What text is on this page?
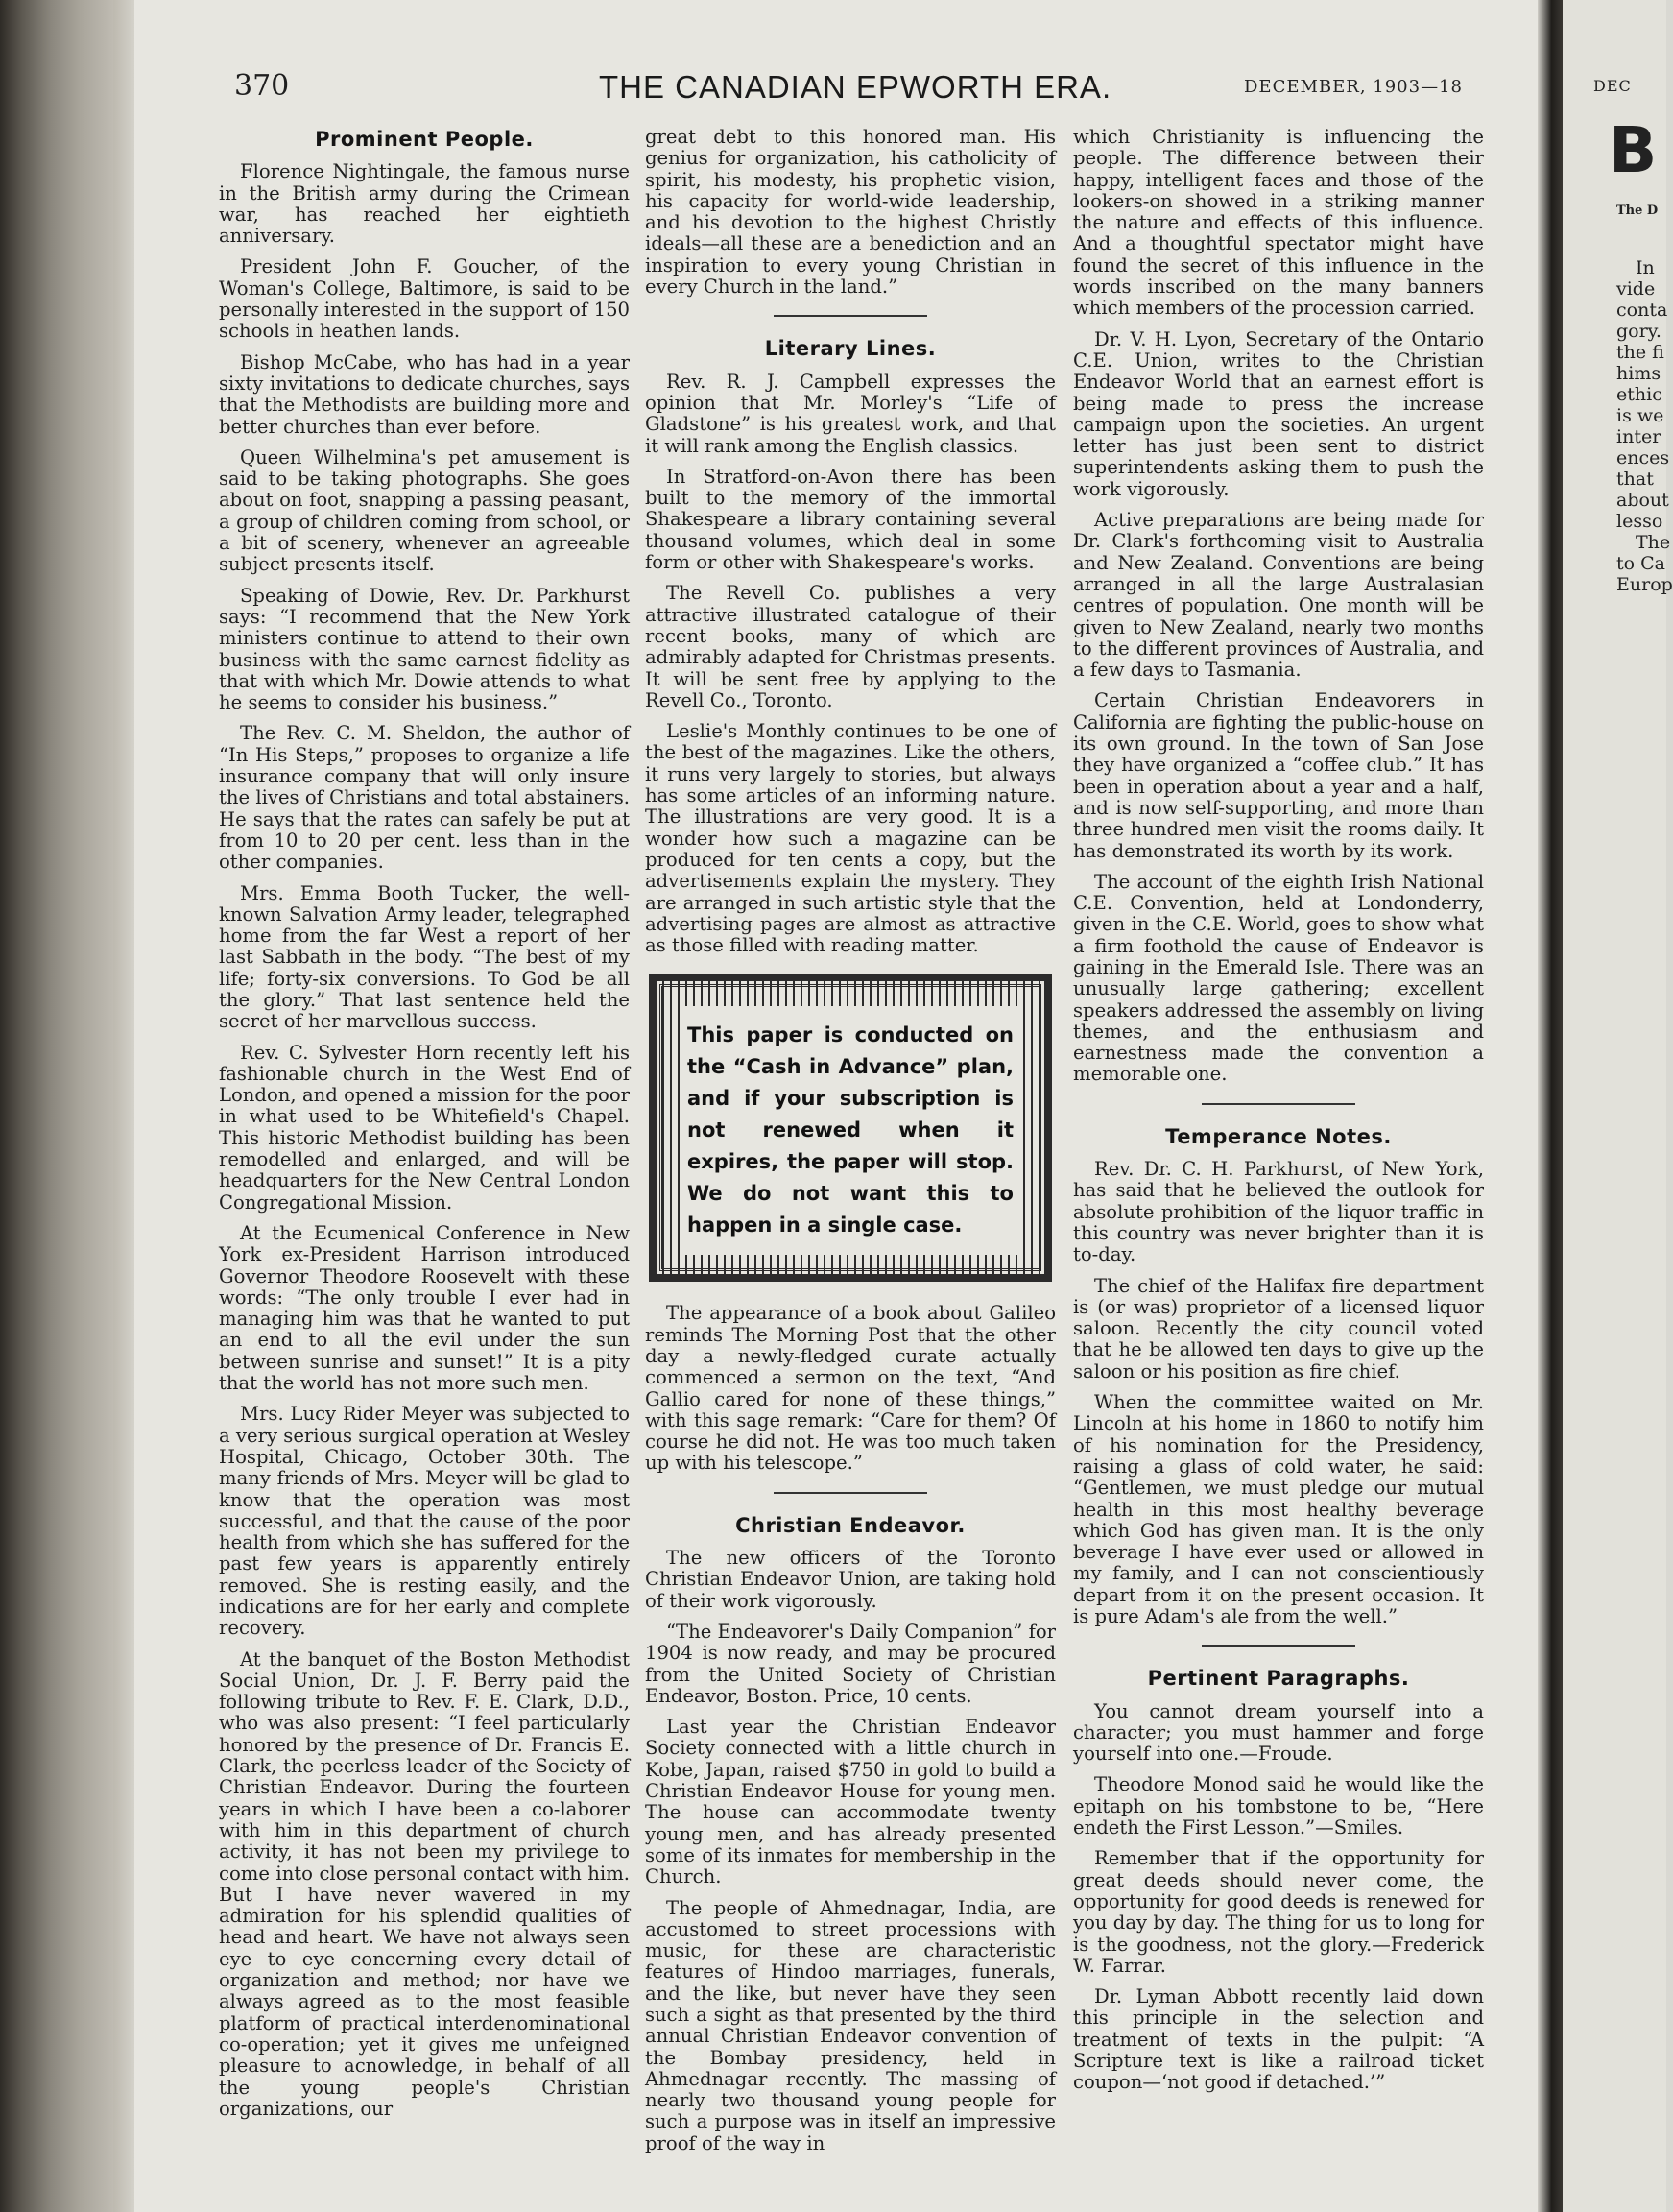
370	THE CANADIAN EPWORTH ERA.	DECEMBER, 1903—18
Prominent People.

Florence Nightingale, the famous nurse in the British army during the Crimean war, has reached her eightieth anniversary.

President John F. Goucher, of the Woman's College, Baltimore, is said to be personally interested in the support of 150 schools in heathen lands.

Bishop McCabe, who has had in a year sixty invitations to dedicate churches, says that the Methodists are building more and better churches than ever before.

Queen Wilhelmina's pet amusement is said to be taking photographs. She goes about on foot, snapping a passing peasant, a group of children coming from school, or a bit of scenery, whenever an agreeable subject presents itself.

Speaking of Dowie, Rev. Dr. Parkhurst says: “I recommend that the New York ministers continue to attend to their own business with the same earnest fidelity as that with which Mr. Dowie attends to what he seems to consider his business.”

The Rev. C. M. Sheldon, the author of “In His Steps,” proposes to organize a life insurance company that will only insure the lives of Christians and total abstainers. He says that the rates can safely be put at from 10 to 20 per cent. less than in the other companies.

Mrs. Emma Booth Tucker, the well-known Salvation Army leader, telegraphed home from the far West a report of her last Sabbath in the body. “The best of my life; forty-six conversions. To God be all the glory.” That last sentence held the secret of her marvellous success.

Rev. C. Sylvester Horn recently left his fashionable church in the West End of London, and opened a mission for the poor in what used to be Whitefield's Chapel. This historic Methodist building has been remodelled and enlarged, and will be headquarters for the New Central London Congregational Mission.

At the Ecumenical Conference in New York ex-President Harrison introduced Governor Theodore Roosevelt with these words: “The only trouble I ever had in managing him was that he wanted to put an end to all the evil under the sun between sunrise and sunset!” It is a pity that the world has not more such men.

Mrs. Lucy Rider Meyer was subjected to a very serious surgical operation at Wesley Hospital, Chicago, October 30th. The many friends of Mrs. Meyer will be glad to know that the operation was most successful, and that the cause of the poor health from which she has suffered for the past few years is apparently entirely removed. She is resting easily, and the indications are for her early and complete recovery.

At the banquet of the Boston Methodist Social Union, Dr. J. F. Berry paid the following tribute to Rev. F. E. Clark, D.D., who was also present: “I feel particularly honored by the presence of Dr. Francis E. Clark, the peerless leader of the Society of Christian Endeavor. During the fourteen years in which I have been a co-laborer with him in this department of church activity, it has not been my privilege to come into close personal contact with him. But I have never wavered in my admiration for his splendid qualities of head and heart. We have not always seen eye to eye concerning every detail of organization and method; nor have we always agreed as to the most feasible platform of practical interdenominational co-operation; yet it gives me unfeigned pleasure to acnowledge, in behalf of all the young people's Christian organizations, our

great debt to this honored man. His genius for organization, his catholicity of spirit, his modesty, his prophetic vision, his capacity for world-wide leadership, and his devotion to the highest Christly ideals—all these are a benediction and an inspiration to every young Christian in every Church in the land.”

Literary Lines.

Rev. R. J. Campbell expresses the opinion that Mr. Morley's “Life of Gladstone” is his greatest work, and that it will rank among the English classics.

In Stratford-on-Avon there has been built to the memory of the immortal Shakespeare a library containing several thousand volumes, which deal in some form or other with Shakespeare's works.

The Revell Co. publishes a very attractive illustrated catalogue of their recent books, many of which are admirably adapted for Christmas presents. It will be sent free by applying to the Revell Co., Toronto.

Leslie's Monthly continues to be one of the best of the magazines. Like the others, it runs very largely to stories, but always has some articles of an informing nature. The illustrations are very good. It is a wonder how such a magazine can be produced for ten cents a copy, but the advertisements explain the mystery. They are arranged in such artistic style that the advertising pages are almost as attractive as those filled with reading matter.

This paper is conducted on the “Cash in Advance” plan, and if your subscription is not renewed when it expires, the paper will stop. We do not want this to happen in a single case.

The appearance of a book about Galileo reminds The Morning Post that the other day a newly-fledged curate actually commenced a sermon on the text, “And Gallio cared for none of these things,” with this sage remark: “Care for them? Of course he did not. He was too much taken up with his telescope.”

Christian Endeavor.

The new officers of the Toronto Christian Endeavor Union, are taking hold of their work vigorously.

“The Endeavorer's Daily Companion” for 1904 is now ready, and may be procured from the United Society of Christian Endeavor, Boston. Price, 10 cents.

Last year the Christian Endeavor Society connected with a little church in Kobe, Japan, raised $750 in gold to build a Christian Endeavor House for young men. The house can accommodate twenty young men, and has already presented some of its inmates for membership in the Church.

The people of Ahmednagar, India, are accustomed to street processions with music, for these are characteristic features of Hindoo marriages, funerals, and the like, but never have they seen such a sight as that presented by the third annual Christian Endeavor convention of the Bombay presidency, held in Ahmednagar recently. The massing of nearly two thousand young people for such a purpose was in itself an impressive proof of the way in

which Christianity is influencing the people. The difference between their happy, intelligent faces and those of the lookers-on showed in a striking manner the nature and effects of this influence. And a thoughtful spectator might have found the secret of this influence in the words inscribed on the many banners which members of the procession carried.

Dr. V. H. Lyon, Secretary of the Ontario C.E. Union, writes to the Christian Endeavor World that an earnest effort is being made to press the increase campaign upon the societies. An urgent letter has just been sent to district superintendents asking them to push the work vigorously.

Active preparations are being made for Dr. Clark's forthcoming visit to Australia and New Zealand. Conventions are being arranged in all the large Australasian centres of population. One month will be given to New Zealand, nearly two months to the different provinces of Australia, and a few days to Tasmania.

Certain Christian Endeavorers in California are fighting the public-house on its own ground. In the town of San Jose they have organized a “coffee club.” It has been in operation about a year and a half, and is now self-supporting, and more than three hundred men visit the rooms daily. It has demonstrated its worth by its work.

The account of the eighth Irish National C.E. Convention, held at Londonderry, given in the C.E. World, goes to show what a firm foothold the cause of Endeavor is gaining in the Emerald Isle. There was an unusually large gathering; excellent speakers addressed the assembly on living themes, and the enthusiasm and earnestness made the convention a memorable one.

Temperance Notes.

Rev. Dr. C. H. Parkhurst, of New York, has said that he believed the outlook for absolute prohibition of the liquor traffic in this country was never brighter than it is to-day.

The chief of the Halifax fire department is (or was) proprietor of a licensed liquor saloon. Recently the city council voted that he be allowed ten days to give up the saloon or his position as fire chief.

When the committee waited on Mr. Lincoln at his home in 1860 to notify him of his nomination for the Presidency, raising a glass of cold water, he said: “Gentlemen, we must pledge our mutual health in this most healthy beverage which God has given man. It is the only beverage I have ever used or allowed in my family, and I can not conscientiously depart from it on the present occasion. It is pure Adam's ale from the well.”

Pertinent Paragraphs.

You cannot dream yourself into a character; you must hammer and forge yourself into one.—Froude.

Theodore Monod said he would like the epitaph on his tombstone to be, “Here endeth the First Lesson.”—Smiles.

Remember that if the opportunity for great deeds should never come, the opportunity for good deeds is renewed for you day by day. The thing for us to long for is the goodness, not the glory.—Frederick W. Farrar.

Dr. Lyman Abbott recently laid down this principle in the selection and treatment of texts in the pulpit: “A Scripture text is like a railroad ticket coupon—‘not good if detached.’”

DEC
B
The D
In
vide
conta
gory.
the fi
hims
ethic
is we
inter
ences
that
about
lesso
The
to Ca
Europ
